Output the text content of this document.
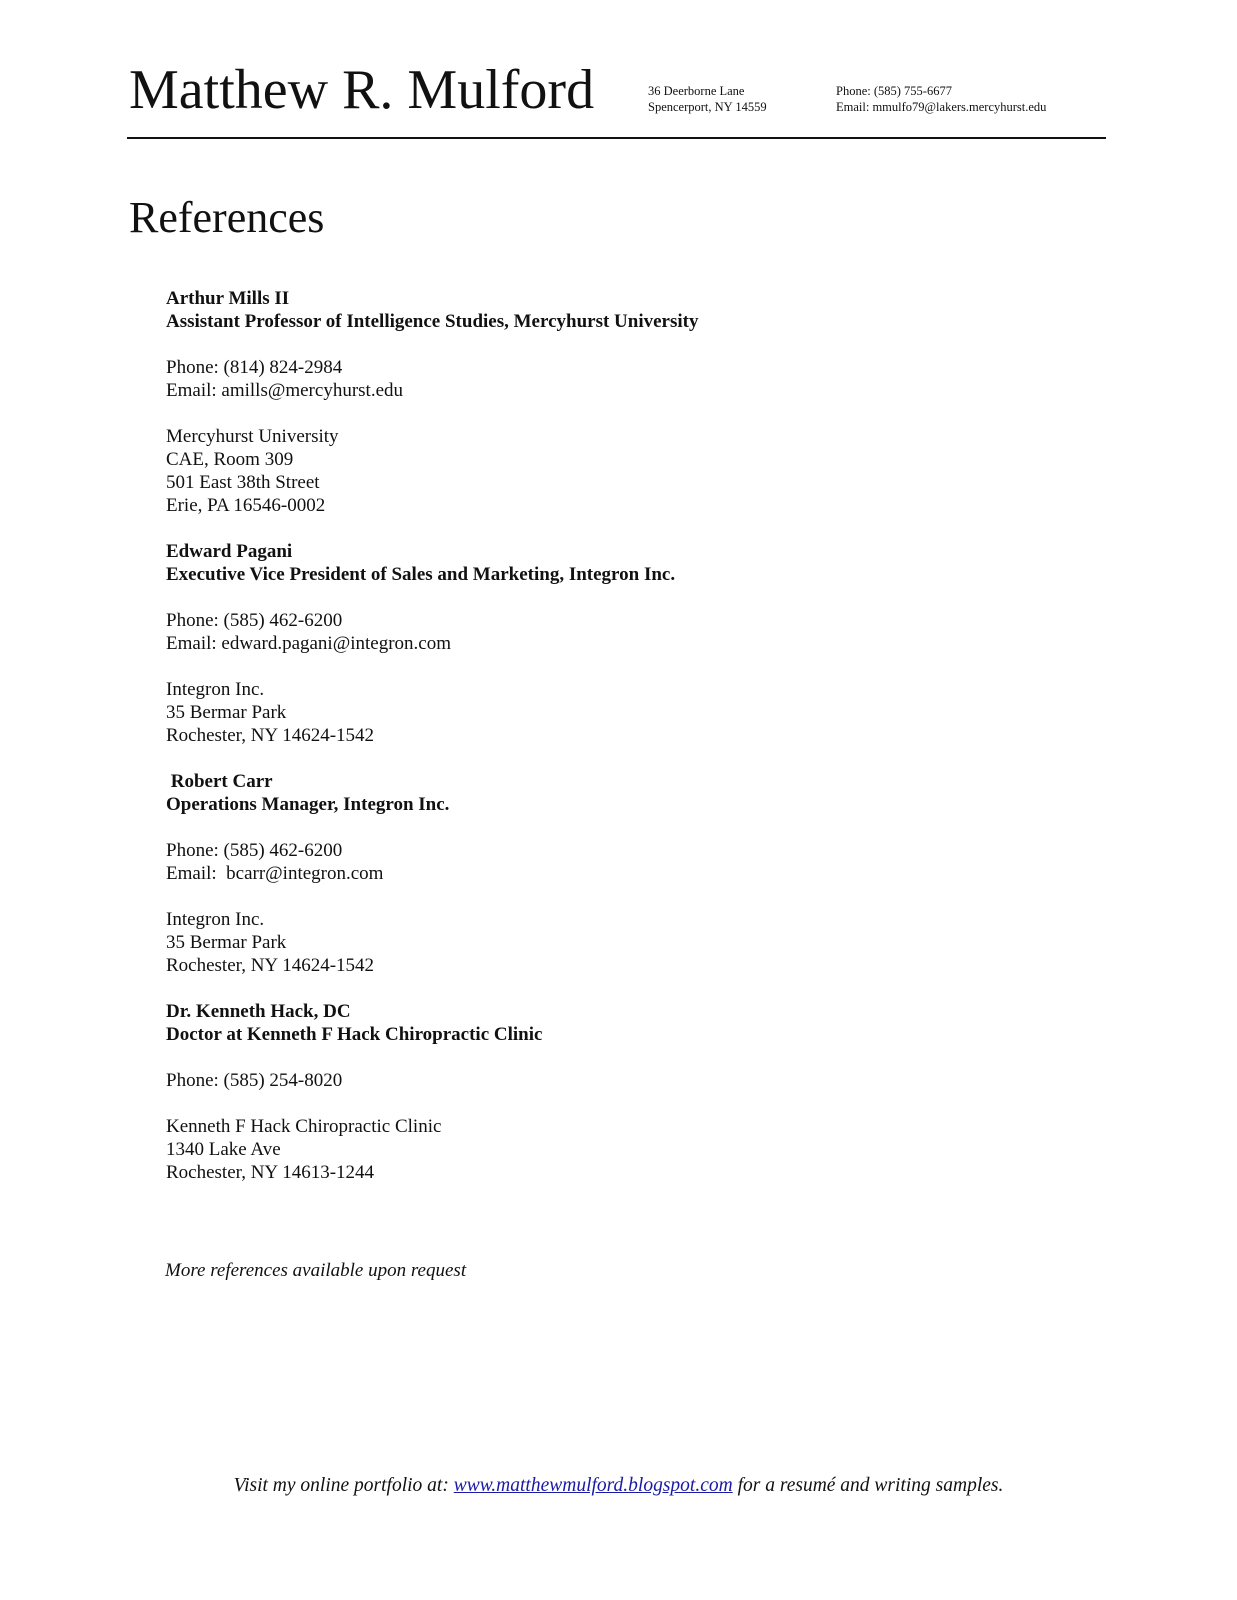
Matthew R. Mulford	36 Deerborne Lane
Spencerport, NY 14559
Phone: (585) 755-6677
Email: mmulfo79@lakers.mercyhurst.edu
References
Arthur Mills II
Assistant Professor of Intelligence Studies, Mercyhurst University
Phone: (814) 824-2984
Email: amills@mercyhurst.edu
Mercyhurst University
CAE, Room 309
501 East 38th Street
Erie, PA 16546-0002
Edward Pagani
Executive Vice President of Sales and Marketing, Integron Inc.
Phone: (585) 462-6200
Email: edward.pagani@integron.com
Integron Inc.
35 Bermar Park
Rochester, NY 14624-1542
Robert Carr
Operations Manager, Integron Inc.
Phone: (585) 462-6200
Email:  bcarr@integron.com
Integron Inc.
35 Bermar Park
Rochester, NY 14624-1542
Dr. Kenneth Hack, DC
Doctor at Kenneth F Hack Chiropractic Clinic
Phone: (585) 254-8020
Kenneth F Hack Chiropractic Clinic
1340 Lake Ave
Rochester, NY 14613-1244
More references available upon request
Visit my online portfolio at: www.matthewmulford.blogspot.com for a resumé and writing samples.
